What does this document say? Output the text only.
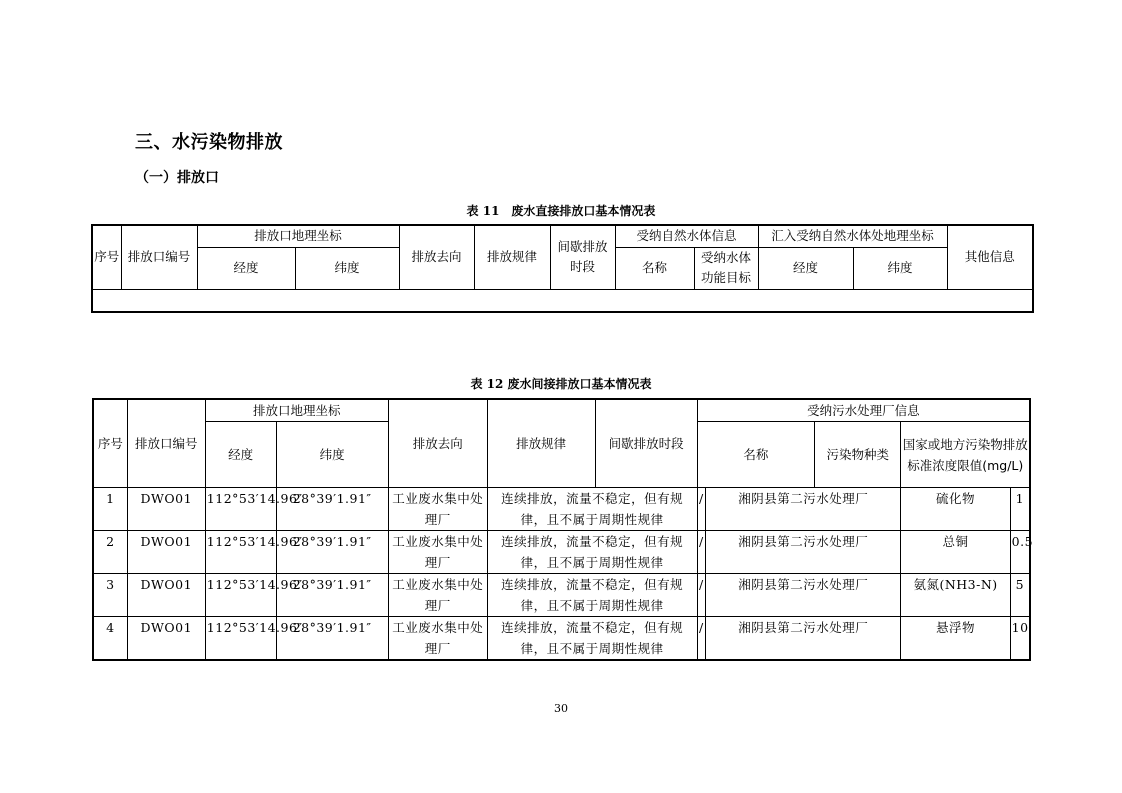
三、水污染物排放
（一）排放口
表 11　废水直接排放口基本情况表
序号	排放口编号	排放口地理坐标		排放去向	排放规律	间歇排放时段	受纳自然水体信息		汇入受纳自然水体处地理坐标		其他信息
		经度	纬度				名称	受纳水体功能目标	经度	纬度	

表 12 废水间接排放口基本情况表
序号	排放口编号	排放口地理坐标		排放去向	排放规律	间歇排放时段	受纳污水处理厂信息				
		经度	纬度				名称		污染物种类	国家或地方污染物排放标准浓度限值(mg/L)	
1	DWO01	112°53′14.96″	28°39′1.91″	工业废水集中处理厂	连续排放，流量不稳定，但有规律，且不属于周期性规律		/	湘阴县第二污水处理厂		硫化物	1
2	DWO01	112°53′14.96″	28°39′1.91″	工业废水集中处理厂	连续排放，流量不稳定，但有规律，且不属于周期性规律		/	湘阴县第二污水处理厂		总铜	0.5
3	DWO01	112°53′14.96″	28°39′1.91″	工业废水集中处理厂	连续排放，流量不稳定，但有规律，且不属于周期性规律		/	湘阴县第二污水处理厂		氨氮(NH3-N)	5
4	DWO01	112°53′14.96″	28°39′1.91″	工业废水集中处理厂	连续排放，流量不稳定，但有规律，且不属于周期性规律		/	湘阴县第二污水处理厂		悬浮物	10
30
